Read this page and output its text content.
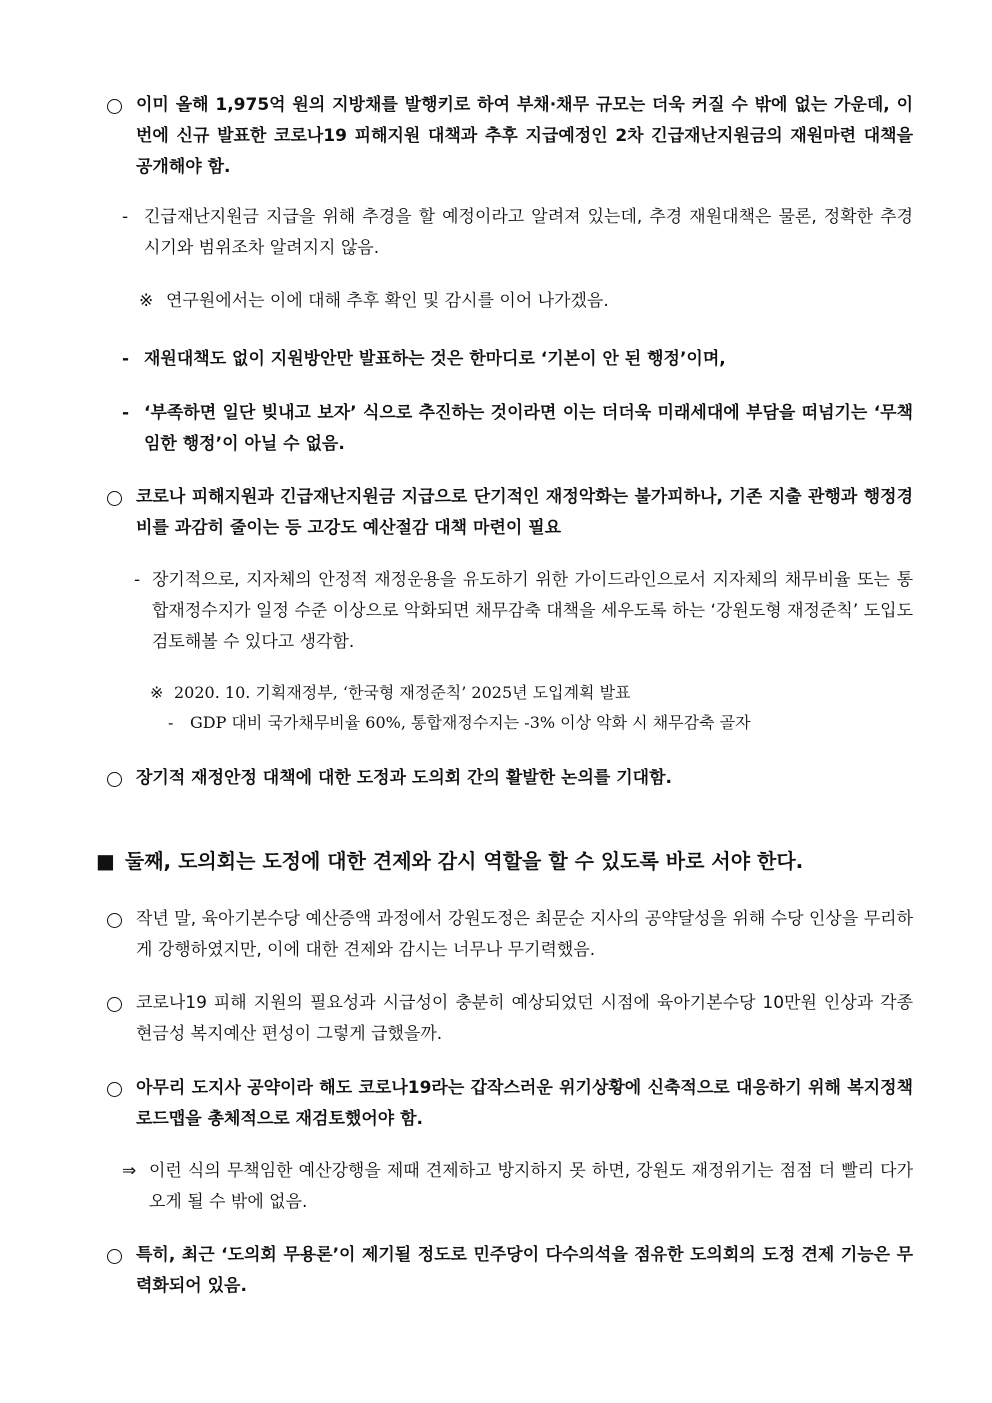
이미 올해 1,975억 원의 지방채를 발행키로 하여 부채·채무 규모는 더욱 커질 수 밖에 없는 가운데, 이번에 신규 발표한 코로나19 피해지원 대책과 추후 지급예정인 2차 긴급재난지원금의 재원마련 대책을 공개해야 함.
- 긴급재난지원금 지급을 위해 추경을 할 예정이라고 알려져 있는데, 추경 재원대책은 물론, 정확한 추경 시기와 범위조차 알려지지 않음.
※ 연구원에서는 이에 대해 추후 확인 및 감시를 이어 나가겠음.
- 재원대책도 없이 지원방안만 발표하는 것은 한마디로 ‘기본이 안 된 행정’이며,
- ‘부족하면 일단 빚내고 보자’ 식으로 추진하는 것이라면 이는 더더욱 미래세대에 부담을 떠넘기는 ‘무책임한 행정’이 아닐 수 없음.
코로나 피해지원과 긴급재난지원금 지급으로 단기적인 재정악화는 불가피하나, 기존 지출 관행과 행정경비를 과감히 줄이는 등 고강도 예산절감 대책 마련이 필요
- 장기적으로, 지자체의 안정적 재정운용을 유도하기 위한 가이드라인으로서 지자체의 채무비율 또는 통합재정수지가 일정 수준 이상으로 악화되면 채무감축 대책을 세우도록 하는 ‘강원도형 재정준칙’ 도입도 검토해볼 수 있다고 생각함.
※ 2020. 10. 기획재정부, ‘한국형 재정준칙’ 2025년 도입계획 발표
- GDP 대비 국가채무비율 60%, 통합재정수지는 -3% 이상 악화 시 채무감축 골자
장기적 재정안정 대책에 대한 도정과 도의회 간의 활발한 논의를 기대함.
■ 둘째, 도의회는 도정에 대한 견제와 감시 역할을 할 수 있도록 바로 서야 한다.
작년 말, 육아기본수당 예산증액 과정에서 강원도정은 최문순 지사의 공약달성을 위해 수당 인상을 무리하게 강행하였지만, 이에 대한 견제와 감시는 너무나 무기력했음.
코로나19 피해 지원의 필요성과 시급성이 충분히 예상되었던 시점에 육아기본수당 10만원 인상과 각종 현금성 복지예산 편성이 그렇게 급했을까.
아무리 도지사 공약이라 해도 코로나19라는 갑작스러운 위기상황에 신축적으로 대응하기 위해 복지정책 로드맵을 총체적으로 재검토했어야 함.
⇒ 이런 식의 무책임한 예산강행을 제때 견제하고 방지하지 못 하면, 강원도 재정위기는 점점 더 빨리 다가오게 될 수 밖에 없음.
특히, 최근 ‘도의회 무용론’이 제기될 정도로 민주당이 다수의석을 점유한 도의회의 도정 견제 기능은 무력화되어 있음.
